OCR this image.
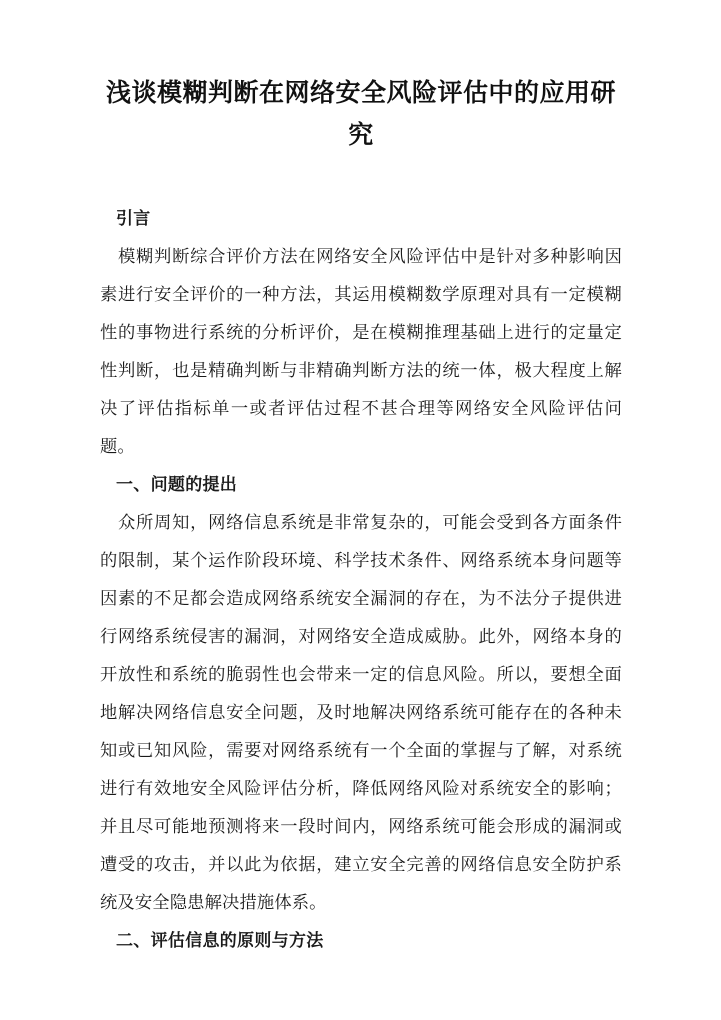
浅谈模糊判断在网络安全风险评估中的应用研究
引言

模糊判断综合评价方法在网络安全风险评估中是针对多种影响因素进行安全评价的一种方法，其运用模糊数学原理对具有一定模糊性的事物进行系统的分析评价，是在模糊推理基础上进行的定量定性判断，也是精确判断与非精确判断方法的统一体，极大程度上解决了评估指标单一或者评估过程不甚合理等网络安全风险评估问题。

一、问题的提出

众所周知，网络信息系统是非常复杂的，可能会受到各方面条件的限制，某个运作阶段环境、科学技术条件、网络系统本身问题等因素的不足都会造成网络系统安全漏洞的存在，为不法分子提供进行网络系统侵害的漏洞，对网络安全造成威胁。此外，网络本身的开放性和系统的脆弱性也会带来一定的信息风险。所以，要想全面地解决网络信息安全问题，及时地解决网络系统可能存在的各种未知或已知风险，需要对网络系统有一个全面的掌握与了解，对系统进行有效地安全风险评估分析，降低网络风险对系统安全的影响；并且尽可能地预测将来一段时间内，网络系统可能会形成的漏洞或遭受的攻击，并以此为依据，建立安全完善的网络信息安全防护系统及安全隐患解决措施体系。

二、评估信息的原则与方法
